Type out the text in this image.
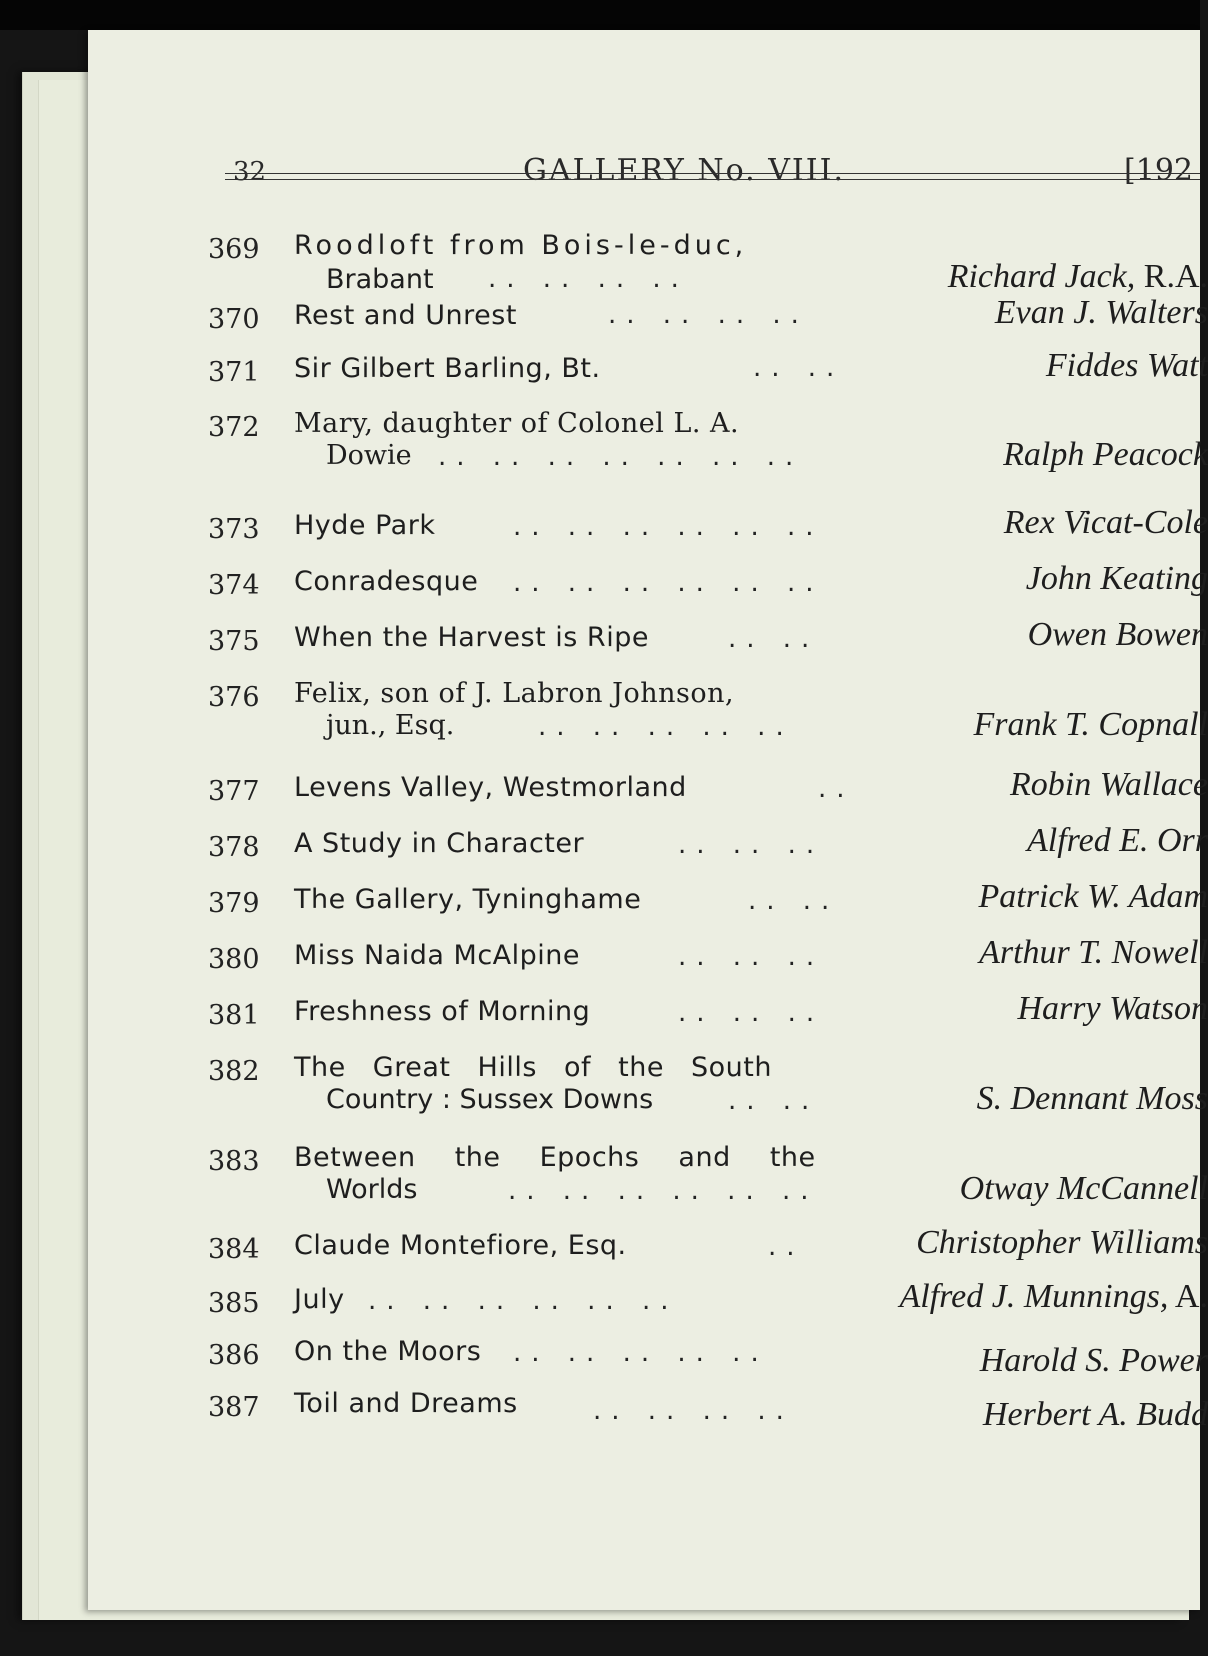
32	GALLERY No. VIII.	[192
369 Roodloft from Bois-le-duc,
Brabant .. .. .. ..	Richard Jack, R.A.
370 Rest and Unrest	.. .. .. ..	Evan J. Walters
371 Sir Gilbert Barling, Bt.	.. ..	Fiddes Watt
372 Mary, daughter of Colonel L. A.
Dowie .. .. .. .. .. .. ..	Ralph Peacock
373 Hyde Park	.. .. .. .. .. ..	Rex Vicat-Cole
374 Conradesque .. .. .. .. .. ..	John Keating
375 When the Harvest is Ripe	.. ..	Owen Bowen
376 Felix, son of J. Labron Johnson,
jun., Esq.	.. .. .. .. ..	Frank T. Copnall
377 Levens Valley, Westmorland	..	Robin Wallace
378 A Study in Character	.. .. ..	Alfred E. Orr
379 The Gallery, Tyninghame	.. ..	Patrick W. Adam
380 Miss Naida McAlpine	.. .. ..	Arthur T. Nowell
381 Freshness of Morning	.. .. ..	Harry Watson
382 The Great Hills of the South
Country : Sussex Downs	.. ..	S. Dennant Moss
383 Between the Epochs and the
Worlds	.. .. .. .. .. ..	Otway McCannell
384 Claude Montefiore, Esq.	..	Christopher Williams
385 July .. .. .. .. .. ..	Alfred J. Munnings, A.
386 On the Moors .. .. .. .. ..	Harold S. Power
387 Toil and Dreams	.. .. .. ..	Herbert A. Budd
